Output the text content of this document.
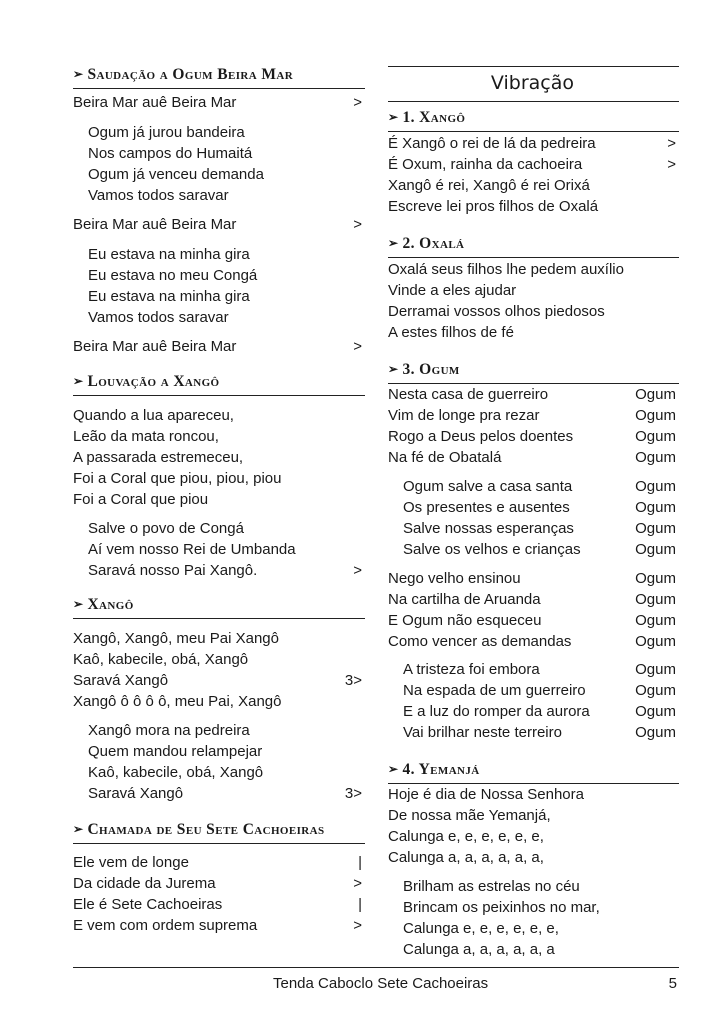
➢ Saudação a Ogum Beira Mar
Beira Mar auê Beira Mar	>
Ogum já jurou bandeira
Nos campos do Humaitá
Ogum já venceu demanda
Vamos todos saravar
Beira Mar auê Beira Mar	>
Eu estava na minha gira
Eu estava no meu Congá
Eu estava na minha gira
Vamos todos saravar
Beira Mar auê Beira Mar	>
➢ Louvação a Xangô
Quando a lua apareceu,
Leão da mata roncou,
A passarada estremeceu,
Foi a Coral que piou, piou, piou
Foi a Coral que piou
Salve o povo de Congá
Aí vem nosso Rei de Umbanda
Saravá nosso Pai Xangô.	>
➢ Xangô
Xangô, Xangô, meu Pai Xangô
Kaô, kabecile, obá, Xangô
Saravá Xangô	3>
Xangô ô ô ô ô, meu Pai, Xangô
Xangô mora na pedreira
Quem mandou relampejar
Kaô, kabecile, obá, Xangô
Saravá Xangô	3>
➢ Chamada de Seu Sete Cachoeiras
Ele vem de longe	|
Da cidade da Jurema	>
Ele é Sete Cachoeiras	|
E vem com ordem suprema	>
Vibração
➢ 1. Xangô
É Xangô o rei de lá da pedreira	>
É Oxum, rainha da cachoeira	>
Xangô é rei, Xangô é rei Orixá
Escreve lei pros filhos de Oxalá
➢ 2. Oxalá
Oxalá seus filhos lhe pedem auxílio
Vinde a eles ajudar
Derramai vossos olhos piedosos
A estes filhos de fé
➢ 3. Ogum
Nesta casa de guerreiro	Ogum
Vim de longe pra rezar	Ogum
Rogo a Deus pelos doentes	Ogum
Na fé de Obatalá	Ogum
Ogum salve a casa santa	Ogum
Os presentes e ausentes	Ogum
Salve nossas esperanças	Ogum
Salve os velhos e crianças	Ogum
Nego velho ensinou	Ogum
Na cartilha de Aruanda	Ogum
E Ogum não esqueceu	Ogum
Como vencer as demandas	Ogum
A tristeza foi embora	Ogum
Na espada de um guerreiro	Ogum
E a luz do romper da aurora	Ogum
Vai brilhar neste terreiro	Ogum
➢ 4. Yemanjá
Hoje é dia de Nossa Senhora
De nossa mãe Yemanjá,
Calunga e, e, e, e, e, e,
Calunga a, a, a, a, a, a,
Brilham as estrelas no céu
Brincam os peixinhos no mar,
Calunga e, e, e, e, e, e,
Calunga a, a, a, a, a, a
Tenda Caboclo Sete Cachoeiras	5
